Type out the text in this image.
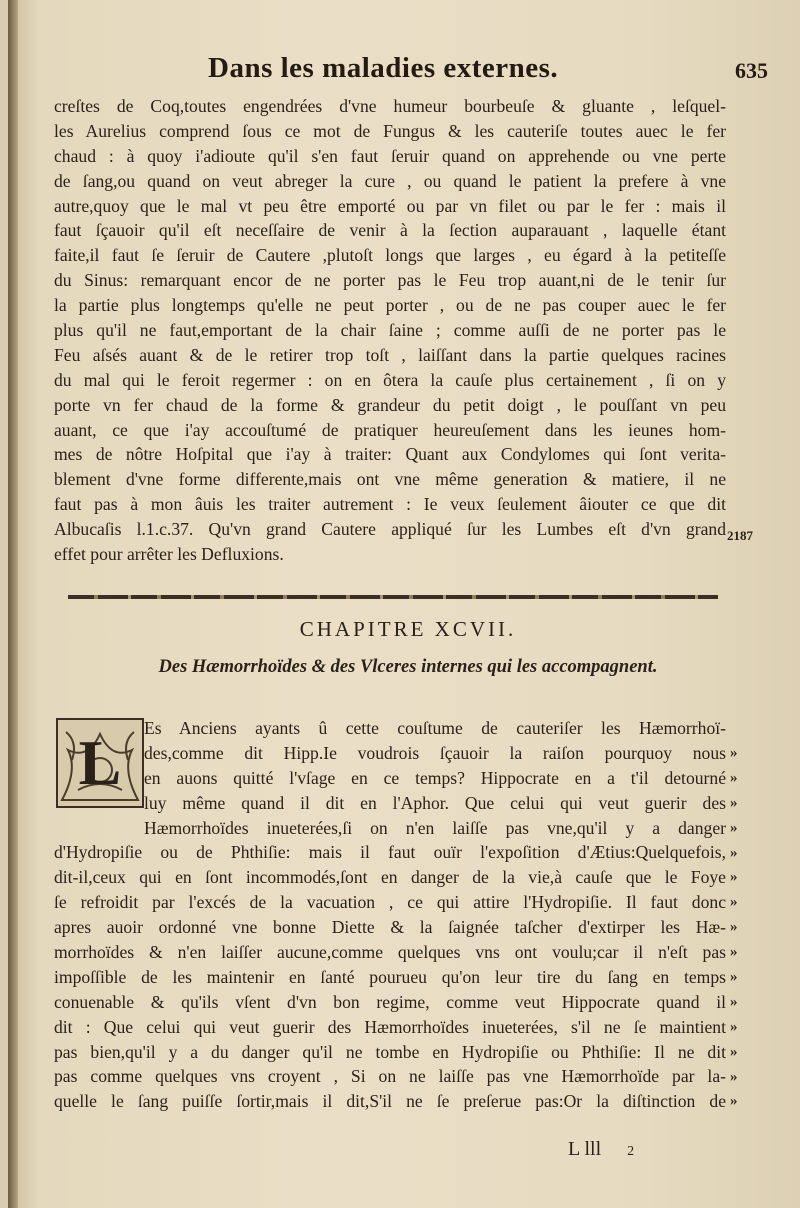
Dans les maladies externes.	635
creſtes de Coq,toutes engendrées d'vne humeur bourbeuſe & gluante , leſquel-
les Aurelius comprend ſous ce mot de Fungus & les cauteriſe toutes auec le fer
chaud : à quoy i'adioute qu'il s'en faut ſeruir quand on apprehende ou vne perte
de ſang,ou quand on veut abreger la cure , ou quand le patient la prefere à vne
autre,quoy que le mal vt peu être emporté ou par vn filet ou par le fer : mais il
faut ſçauoir qu'il eſt neceſſaire de venir à la ſection auparauant , laquelle étant
faite,il faut ſe ſeruir de Cautere ,plutoſt longs que larges , eu égard à la petiteſſe
du Sinus: remarquant encor de ne porter pas le Feu trop auant,ni de le tenir ſur
la partie plus longtemps qu'elle ne peut porter , ou de ne pas couper auec le fer
plus qu'il ne faut,emportant de la chair ſaine ; comme auſſi de ne porter pas le
Feu aſsés auant & de le retirer trop toſt , laiſſant dans la partie quelques racines
du mal qui le feroit regermer : on en ôtera la cauſe plus certainement , ſi on y
porte vn fer chaud de la forme & grandeur du petit doigt , le pouſſant vn peu
auant, ce que i'ay accouſtumé de pratiquer heureuſement dans les ieunes hom-
mes de nôtre Hoſpital que i'ay à traiter: Quant aux Condylomes qui ſont verita-
blement d'vne forme differente,mais ont vne même generation & matiere, il ne
faut pas à mon âuis les traiter autrement : Ie veux ſeulement âiouter ce que dit
Albucaſis l.1.c.37. Qu'vn grand Cautere appliqué ſur les Lumbes eſt d'vn grand
effet pour arrêter les Defluxions.
2187
CHAPITRE XCVII.
Des Hæmorrhoïdes & des Vlceres internes qui les accompagnent.
L	Es Anciens ayants û cette couſtume de cauteriſer les Hæmorrhoï-
des,comme dit Hipp.Ie voudrois ſçauoir la raiſon pourquoy nous
en auons quitté l'vſage en ce temps? Hippocrate en a t'il detourné
luy même quand il dit en l'Aphor. Que celui qui veut guerir des
Hæmorrhoïdes inueterées,ſi on n'en laiſſe pas vne,qu'il y a danger
d'Hydropiſie ou de Phthiſie: mais il faut ouïr l'expoſition d'Ætius:Quelquefois,
dit-il,ceux qui en ſont incommodés,ſont en danger de la vie,à cauſe que le Foye
ſe refroidit par l'excés de la vacuation , ce qui attire l'Hydropiſie. Il faut donc
apres auoir ordonné vne bonne Diette & la ſaignée taſcher d'extirper les Hæ-
morrhoïdes & n'en laiſſer aucune,comme quelques vns ont voulu;car il n'eſt pas
impoſſible de les maintenir en ſanté pourueu qu'on leur tire du ſang en temps
conuenable & qu'ils vſent d'vn bon regime, comme veut Hippocrate quand il
dit : Que celui qui veut guerir des Hæmorrhoïdes inueterées, s'il ne ſe maintient
pas bien,qu'il y a du danger qu'il ne tombe en Hydropiſie ou Phthiſie: Il ne dit
pas comme quelques vns croyent , Si on ne laiſſe pas vne Hæmorrhoïde par la-
quelle le ſang puiſſe ſortir,mais il dit,S'il ne ſe preſerue pas:Or la diſtinction de
»
»
»
»
»
»
»
»
»
»
»
»
»
»
»
L lll 2
